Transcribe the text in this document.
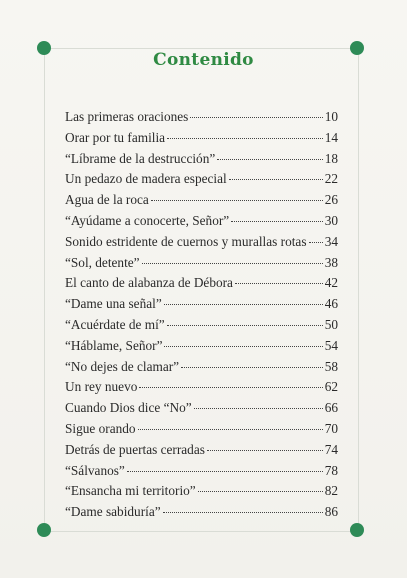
Contenido
Las primeras oraciones	10
Orar por tu familia	14
“Líbrame de la destrucción”	18
Un pedazo de madera especial	22
Agua de la roca	26
“Ayúdame a conocerte, Señor”	30
Sonido estridente de cuernos y murallas rotas 34
“Sol, detente”	38
El canto de alabanza de Débora	42
“Dame una señal”	46
“Acuérdate de mí”	50
“Háblame, Señor”	54
“No dejes de clamar”	58
Un rey nuevo	62
Cuando Dios dice “No”	66
Sigue orando	70
Detrás de puertas cerradas	74
“Sálvanos”	78
“Ensancha mi territorio”	82
“Dame sabiduría”	86
